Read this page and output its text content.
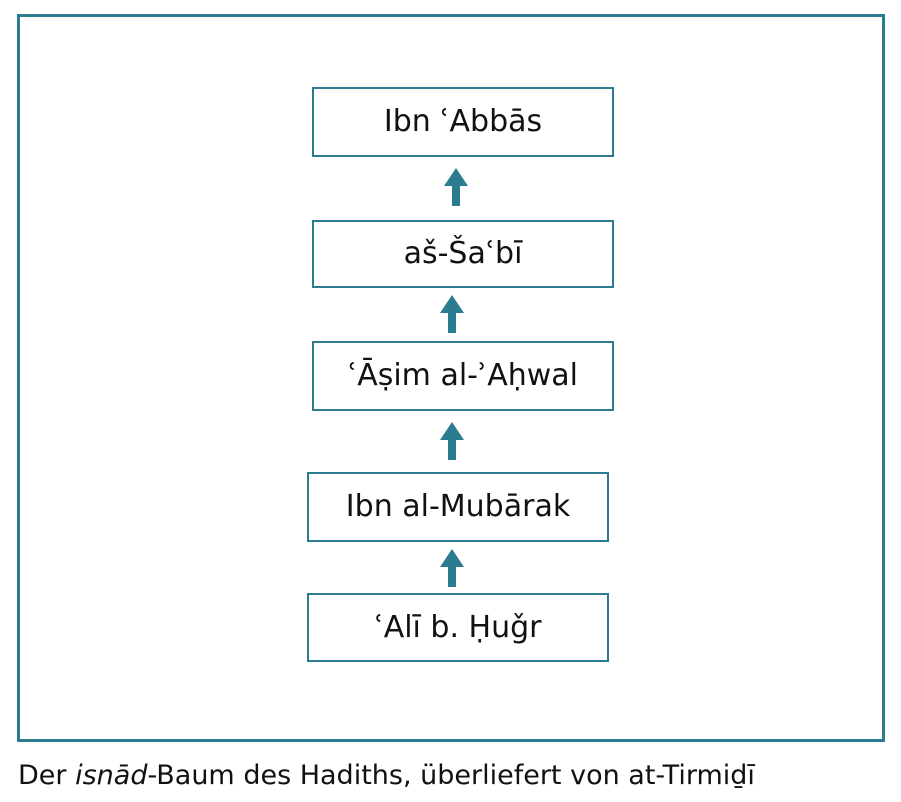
Ibn ʿAbbās
aš-Šaʿbī
ʿĀṣim al-ʾAḥwal
Ibn al-Mubārak
ʿAlī b. Ḥuǧr
Der isnād-Baum des Hadiths, überliefert von at-Tirmiḏī
